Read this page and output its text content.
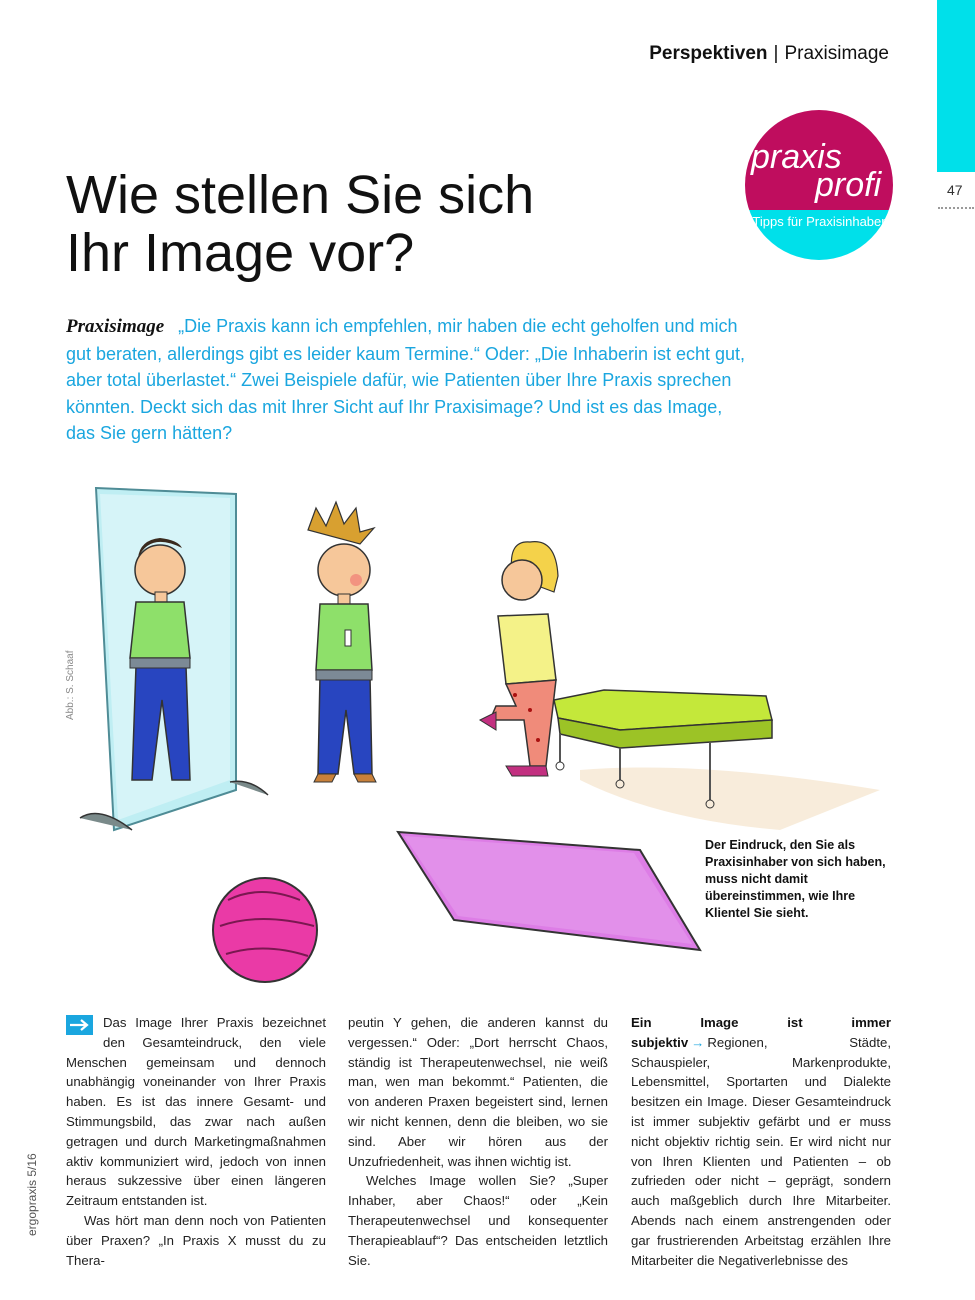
47
Perspektiven | Praxisimage
praxis
profi
Tipps für Praxisinhaber
Wie stellen Sie sich
Ihr Image vor?
Praxisimage „Die Praxis kann ich empfehlen, mir haben die echt geholfen und mich gut beraten, allerdings gibt es leider kaum Termine.“ Oder: „Die Inhaberin ist echt gut, aber total überlastet.“ Zwei Beispiele dafür, wie Patienten über Ihre Praxis sprechen könnten. Deckt sich das mit Ihrer Sicht auf Ihr Praxisimage? Und ist es das Image, das Sie gern hätten?
Abb.: S. Schaaf
Der Eindruck, den Sie als Praxisinhaber von sich haben, muss nicht damit übereinstimmen, wie Ihre Klientel Sie sieht.

Das Image Ihrer Praxis bezeichnet den Gesamteindruck, den viele Menschen gemeinsam und dennoch unabhängig voneinander von Ihrer Praxis haben. Es ist das innere Gesamt- und Stimmungsbild, das zwar nach außen getragen und durch Marketingmaßnahmen aktiv kommuniziert wird, jedoch von innen heraus sukzessive über einen längeren Zeitraum entstanden ist.

Was hört man denn noch von Patienten über Praxen? „In Praxis X musst du zu Thera-

peutin Y gehen, die anderen kannst du vergessen.“ Oder: „Dort herrscht Chaos, ständig ist Therapeutenwechsel, nie weiß man, wen man bekommt.“ Patienten, die von anderen Praxen begeistert sind, lernen wir nicht kennen, denn die bleiben, wo sie sind. Aber wir hören aus der Unzufriedenheit, was ihnen wichtig ist.

Welches Image wollen Sie? „Super Inhaber, aber Chaos!“ oder „Kein Therapeutenwechsel und konsequenter Therapieablauf“? Das entscheiden letztlich Sie.

Ein Image ist immer subjektiv → Regionen, Städte, Schauspieler, Markenprodukte, Lebensmittel, Sportarten und Dialekte besitzen ein Image. Dieser Gesamteindruck ist immer subjektiv gefärbt und er muss nicht objektiv richtig sein. Er wird nicht nur von Ihren Klienten und Patienten – ob zufrieden oder nicht – geprägt, sondern auch maßgeblich durch Ihre Mitarbeiter. Abends nach einem anstrengenden oder gar frustrierenden Arbeitstag erzählen Ihre Mitarbeiter die Negativerlebnisse des

ergopraxis 5/16
